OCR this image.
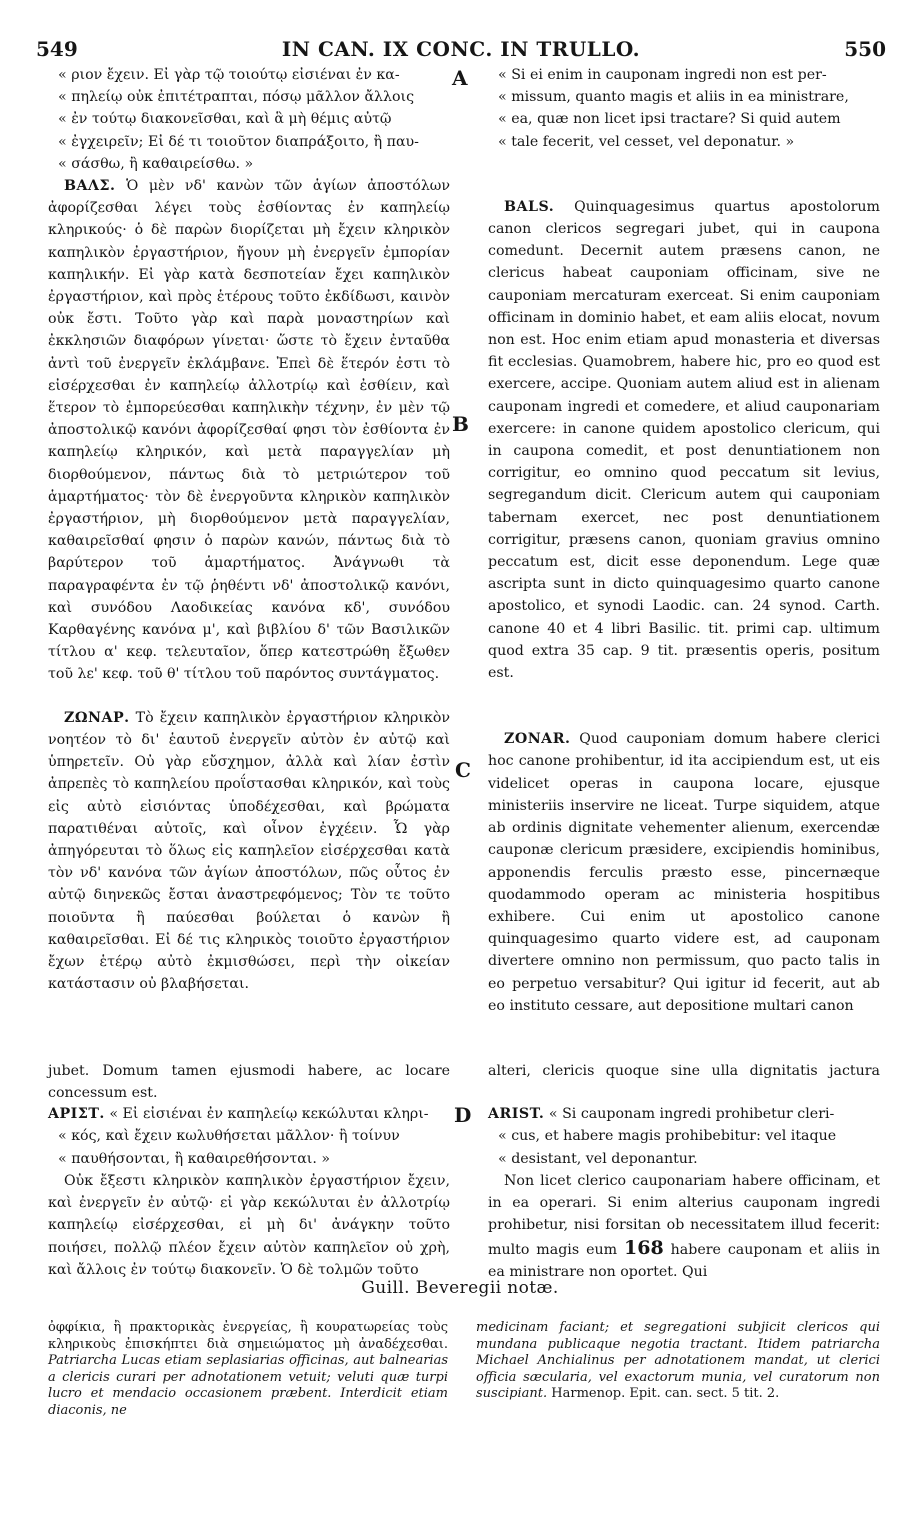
549	IN CAN. IX CONC. IN TRULLO.	550
A
B
C
D

« ριον ἔχειν. Εἰ γὰρ τῷ τοιούτῳ εἰσιέναι ἐν κα-

« πηλείῳ οὐκ ἐπιτέτραπται, πόσῳ μᾶλλον ἄλλοις

« ἐν τούτῳ διακονεῖσθαι, καὶ ἃ μὴ θέμις αὐτῷ

« ἐγχειρεῖν; Εἰ δέ τι τοιοῦτον διαπράξοιτο, ἢ παυ-

« σάσθω, ἢ καθαιρείσθω. »

ΒΑΛΣ. Ὁ μὲν νδ' κανὼν τῶν ἁγίων ἀποστόλων ἀφορίζεσθαι λέγει τοὺς ἐσθίοντας ἐν καπηλείῳ κληρικούς· ὁ δὲ παρὼν διορίζεται μὴ ἔχειν κληρικὸν καπηλικὸν ἐργαστήριον, ἤγουν μὴ ἐνεργεῖν ἐμπορίαν καπηλικήν. Εἰ γὰρ κατὰ δεσποτείαν ἔχει καπηλικὸν ἐργαστήριον, καὶ πρὸς ἑτέρους τοῦτο ἐκδίδωσι, καινὸν οὐκ ἔστι. Τοῦτο γὰρ καὶ παρὰ μοναστηρίων καὶ ἐκκλησιῶν διαφόρων γίνεται· ὥστε τὸ ἔχειν ἐνταῦθα ἀντὶ τοῦ ἐνεργεῖν ἐκλάμβανε. Ἐπεὶ δὲ ἕτερόν ἐστι τὸ εἰσέρχεσθαι ἐν καπηλείῳ ἀλλοτρίῳ καὶ ἐσθίειν, καὶ ἕτερον τὸ ἐμπορεύεσθαι καπηλικὴν τέχνην, ἐν μὲν τῷ ἀποστολικῷ κανόνι ἀφορίζεσθαί φησι τὸν ἐσθίοντα ἐν καπηλείῳ κληρικόν, καὶ μετὰ παραγγελίαν μὴ διορθούμενον, πάντως διὰ τὸ μετριώτερον τοῦ ἁμαρτήματος· τὸν δὲ ἐνεργοῦντα κληρικὸν καπηλικὸν ἐργαστήριον, μὴ διορθούμενον μετὰ παραγγελίαν, καθαιρεῖσθαί φησιν ὁ παρὼν κανών, πάντως διὰ τὸ βαρύτερον τοῦ ἁμαρτήματος. Ἀνάγνωθι τὰ παραγραφέντα ἐν τῷ ῥηθέντι νδ' ἀποστολικῷ κανόνι, καὶ συνόδου Λαοδικείας κανόνα κδ', συνόδου Καρθαγένης κανόνα μ', καὶ βιβλίου δ' τῶν Βασιλικῶν τίτλου α' κεφ. τελευταῖον, ὅπερ κατεστρώθη ἔξωθεν τοῦ λε' κεφ. τοῦ θ' τίτλου τοῦ παρόντος συντάγματος.

ΖΩΝΑΡ. Τὸ ἔχειν καπηλικὸν ἐργαστήριον κληρικὸν νοητέον τὸ δι' ἑαυτοῦ ἐνεργεῖν αὐτὸν ἐν αὐτῷ καὶ ὑπηρετεῖν. Οὐ γὰρ εὔσχημον, ἀλλὰ καὶ λίαν ἐστὶν ἀπρεπὲς τὸ καπηλείου προΐστασθαι κληρικόν, καὶ τοὺς εἰς αὐτὸ εἰσιόντας ὑποδέχεσθαι, καὶ βρώματα παρατιθέναι αὐτοῖς, καὶ οἶνον ἐγχέειν. Ὧ γὰρ ἀπηγόρευται τὸ ὅλως εἰς καπηλεῖον εἰσέρχεσθαι κατὰ τὸν νδ' κανόνα τῶν ἁγίων ἀποστόλων, πῶς οὗτος ἐν αὐτῷ διηνεκῶς ἔσται ἀναστρεφόμενος; Τὸν τε τοῦτο ποιοῦντα ἢ παύεσθαι βούλεται ὁ κανὼν ἢ καθαιρεῖσθαι. Εἰ δέ τις κληρικὸς τοιοῦτο ἐργαστήριον ἔχων ἑτέρῳ αὐτὸ ἐκμισθώσει, περὶ τὴν οἰκείαν κατάστασιν οὐ βλαβήσεται.

« Si ei enim in cauponam ingredi non est per-

« missum, quanto magis et aliis in ea ministrare,

« ea, quæ non licet ipsi tractare? Si quid autem

« tale fecerit, vel cesset, vel deponatur. »

BALS. Quinquagesimus quartus apostolorum canon clericos segregari jubet, qui in caupona comedunt. Decernit autem præsens canon, ne clericus habeat cauponiam officinam, sive ne cauponiam mercaturam exerceat. Si enim cauponiam officinam in dominio habet, et eam aliis elocat, novum non est. Hoc enim etiam apud monasteria et diversas fit ecclesias. Quamobrem, habere hic, pro eo quod est exercere, accipe. Quoniam autem aliud est in alienam cauponam ingredi et comedere, et aliud cauponariam exercere: in canone quidem apostolico clericum, qui in caupona comedit, et post denuntiationem non corrigitur, eo omnino quod peccatum sit levius, segregandum dicit. Clericum autem qui cauponiam tabernam exercet, nec post denuntiationem corrigitur, præsens canon, quoniam gravius omnino peccatum est, dicit esse deponendum. Lege quæ ascripta sunt in dicto quinquagesimo quarto canone apostolico, et synodi Laodic. can. 24 synod. Carth. canone 40 et 4 libri Basilic. tit. primi cap. ultimum quod extra 35 cap. 9 tit. præsentis operis, positum est.

ZONAR. Quod cauponiam domum habere clerici hoc canone prohibentur, id ita accipiendum est, ut eis videlicet operas in caupona locare, ejusque ministeriis inservire ne liceat. Turpe siquidem, atque ab ordinis dignitate vehementer alienum, exercendæ cauponæ clericum præsidere, excipiendis hominibus, apponendis ferculis præsto esse, pincernæque quodammodo operam ac ministeria hospitibus exhibere. Cui enim ut apostolico canone quinquagesimo quarto videre est, ad cauponam divertere omnino non permissum, quo pacto talis in eo perpetuo versabitur? Qui igitur id fecerit, aut ab eo instituto cessare, aut depositione multari canon

jubet. Domum tamen ejusmodi habere, ac locare	alteri, clericis quoque sine ulla dignitatis jactura

concessum est.

ΑΡΙΣΤ. « Εἰ εἰσιέναι ἐν καπηλείῳ κεκώλυται κληρι-

« κός, καὶ ἔχειν κωλυθήσεται μᾶλλον· ἢ τοίνυν

« παυθήσονται, ἢ καθαιρεθήσονται. »

Οὐκ ἔξεστι κληρικὸν καπηλικὸν ἐργαστήριον ἔχειν, καὶ ἐνεργεῖν ἐν αὐτῷ· εἰ γὰρ κεκώλυται ἐν ἀλλοτρίῳ καπηλείῳ εἰσέρχεσθαι, εἰ μὴ δι' ἀνάγκην τοῦτο ποιήσει, πολλῷ πλέον ἔχειν αὐτὸν καπηλεῖον οὐ χρὴ, καὶ ἄλλοις ἐν τούτῳ διακονεῖν. Ὁ δὲ τολμῶν τοῦτο

ARIST. « Si cauponam ingredi prohibetur cleri-

« cus, et habere magis prohibebitur: vel itaque

« desistant, vel deponantur.

Non licet clerico cauponariam habere officinam, et in ea operari. Si enim alterius cauponam ingredi prohibetur, nisi forsitan ob necessitatem illud fecerit: multo magis eum 168 habere cauponam et aliis in ea ministrare non oportet. Qui

Guill. Beveregii notæ.

ὀφφίκια, ἢ πρακτορικὰς ἐνεργείας, ἢ κουρατωρείας τοὺς κληρικοὺς ἐπισκήπτει διὰ σημειώματος μὴ ἀναδέχεσθαι. Patriarcha Lucas etiam seplasiarias officinas, aut balnearias a clericis curari per adnotationem vetuit; veluti quæ turpi lucro et mendacio occasionem præbent. Interdicit etiam diaconis, ne

medicinam faciant; et segregationi subjicit clericos qui mundana publicaque negotia tractant. Itidem patriarcha Michael Anchialinus per adnotationem mandat, ut clerici officia sæcularia, vel exactorum munia, vel curatorum non suscipiant. Harmenop. Epit. can. sect. 5 tit. 2.
